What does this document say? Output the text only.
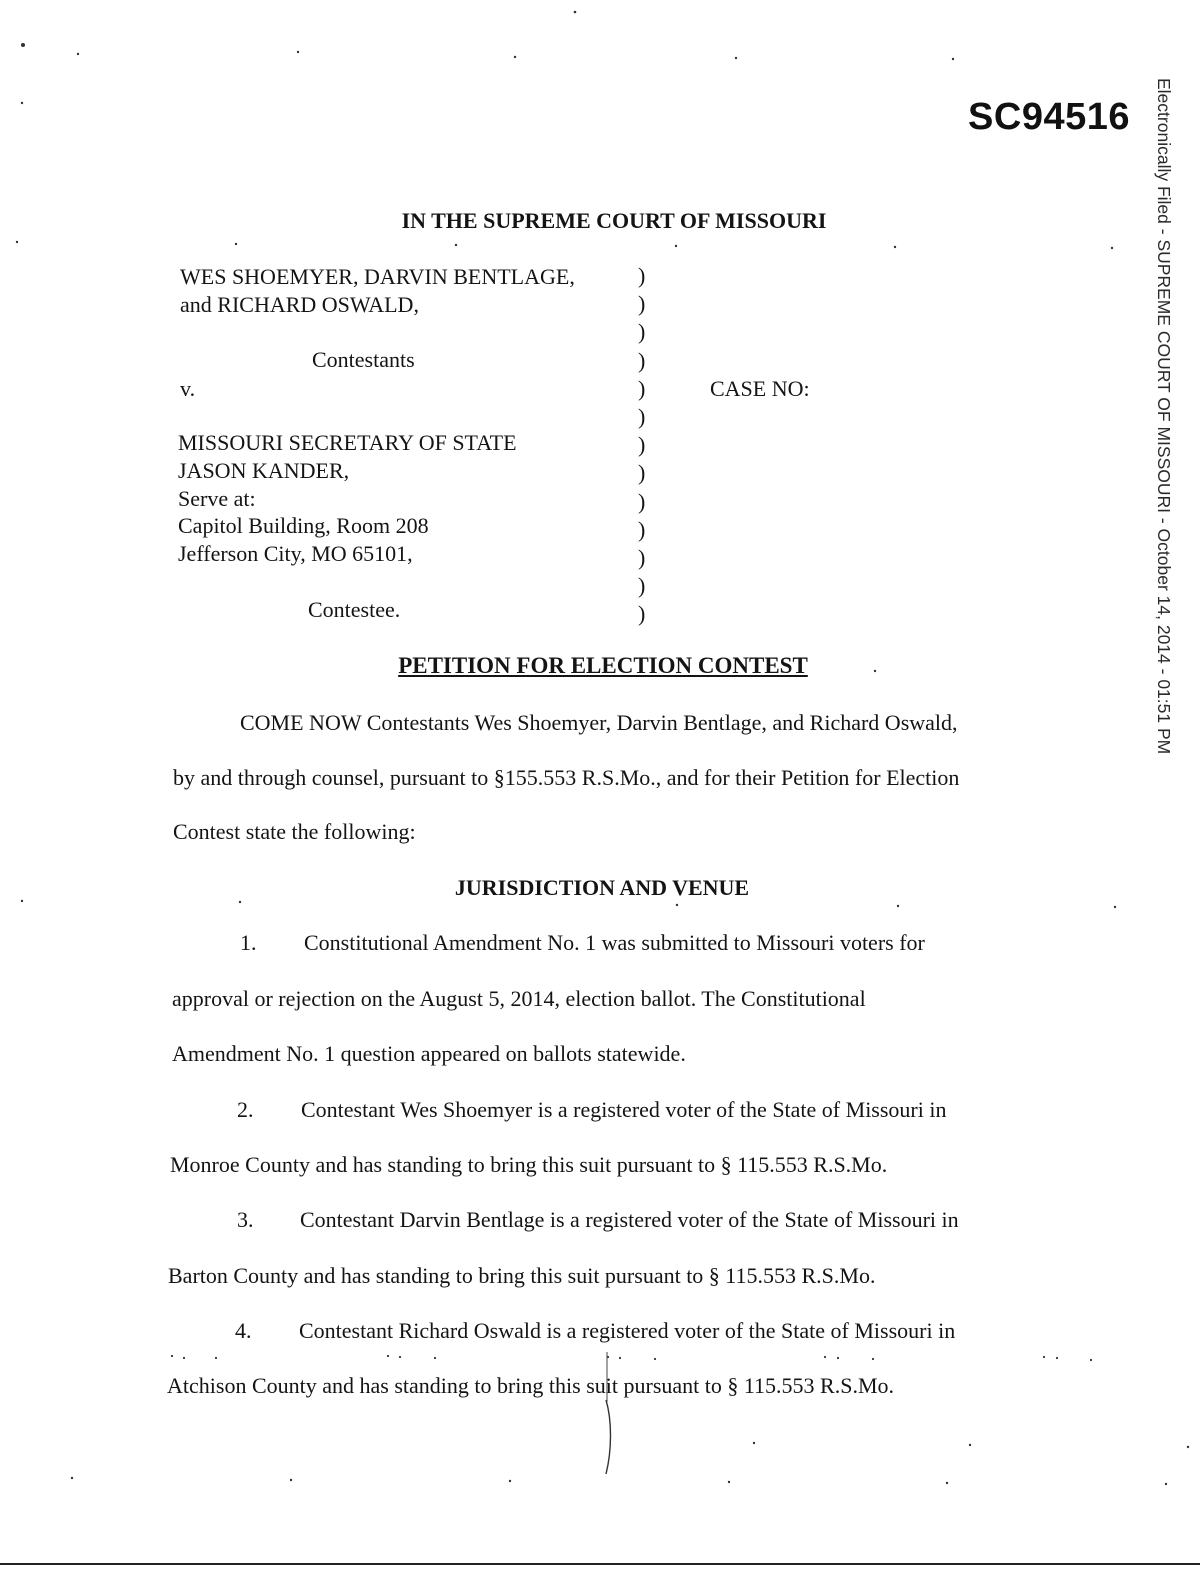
SC94516 Electronically Filed - SUPREME COURT OF MISSOURI - October 14, 2014 - 01:51 PM
IN THE SUPREME COURT OF MISSOURI
WES SHOEMYER, DARVIN BENTLAGE,
and RICHARD OSWALD,
Contestants
v.
MISSOURI SECRETARY OF STATE
JASON KANDER,
Serve at:
Capitol Building, Room 208
Jefferson City, MO 65101,
Contestee.
)
)
)
)
)
)
)
)
)
)
)
)
)
CASE NO:
PETITION FOR ELECTION CONTEST
COME NOW Contestants Wes Shoemyer, Darvin Bentlage, and Richard Oswald,
by and through counsel, pursuant to §155.553 R.S.Mo., and for their Petition for Election
Contest state the following:
JURISDICTION AND VENUE
1. Constitutional Amendment No. 1 was submitted to Missouri voters for
approval or rejection on the August 5, 2014, election ballot. The Constitutional
Amendment No. 1 question appeared on ballots statewide.
2. Contestant Wes Shoemyer is a registered voter of the State of Missouri in
Monroe County and has standing to bring this suit pursuant to § 115.553 R.S.Mo.
3. Contestant Darvin Bentlage is a registered voter of the State of Missouri in
Barton County and has standing to bring this suit pursuant to § 115.553 R.S.Mo.
4. Contestant Richard Oswald is a registered voter of the State of Missouri in
Atchison County and has standing to bring this suit pursuant to § 115.553 R.S.Mo.
